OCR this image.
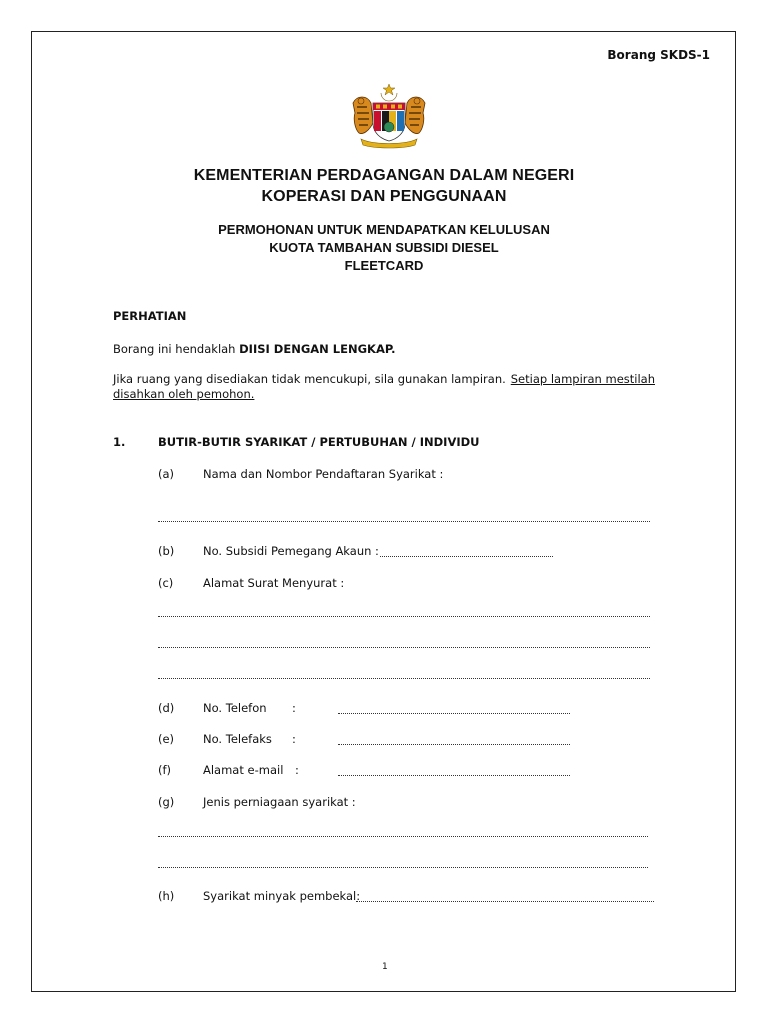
Borang SKDS-1
KEMENTERIAN PERDAGANGAN DALAM NEGERI
KOPERASI DAN PENGGUNAAN
PERMOHONAN UNTUK MENDAPATKAN KELULUSAN
KUOTA TAMBAHAN SUBSIDI DIESEL
FLEETCARD
PERHATIAN
Borang ini hendaklah DIISI DENGAN LENGKAP.
Jika ruang yang disediakan tidak mencukupi, sila gunakan lampiran. Setiap lampiran mestilah
disahkan oleh pemohon.
1.	BUTIR-BUTIR SYARIKAT / PERTUBUHAN / INDIVIDU
(a)	Nama dan Nombor Pendaftaran Syarikat :
(b) No. Subsidi Pemegang Akaun :
(c)	Alamat Surat Menyurat :
(d) No. Telefon :
(e)	No. Telefaks :
(f)	Alamat e-mail :
(g) Jenis perniagaan syarikat :
(h) Syarikat minyak pembekal:
1
